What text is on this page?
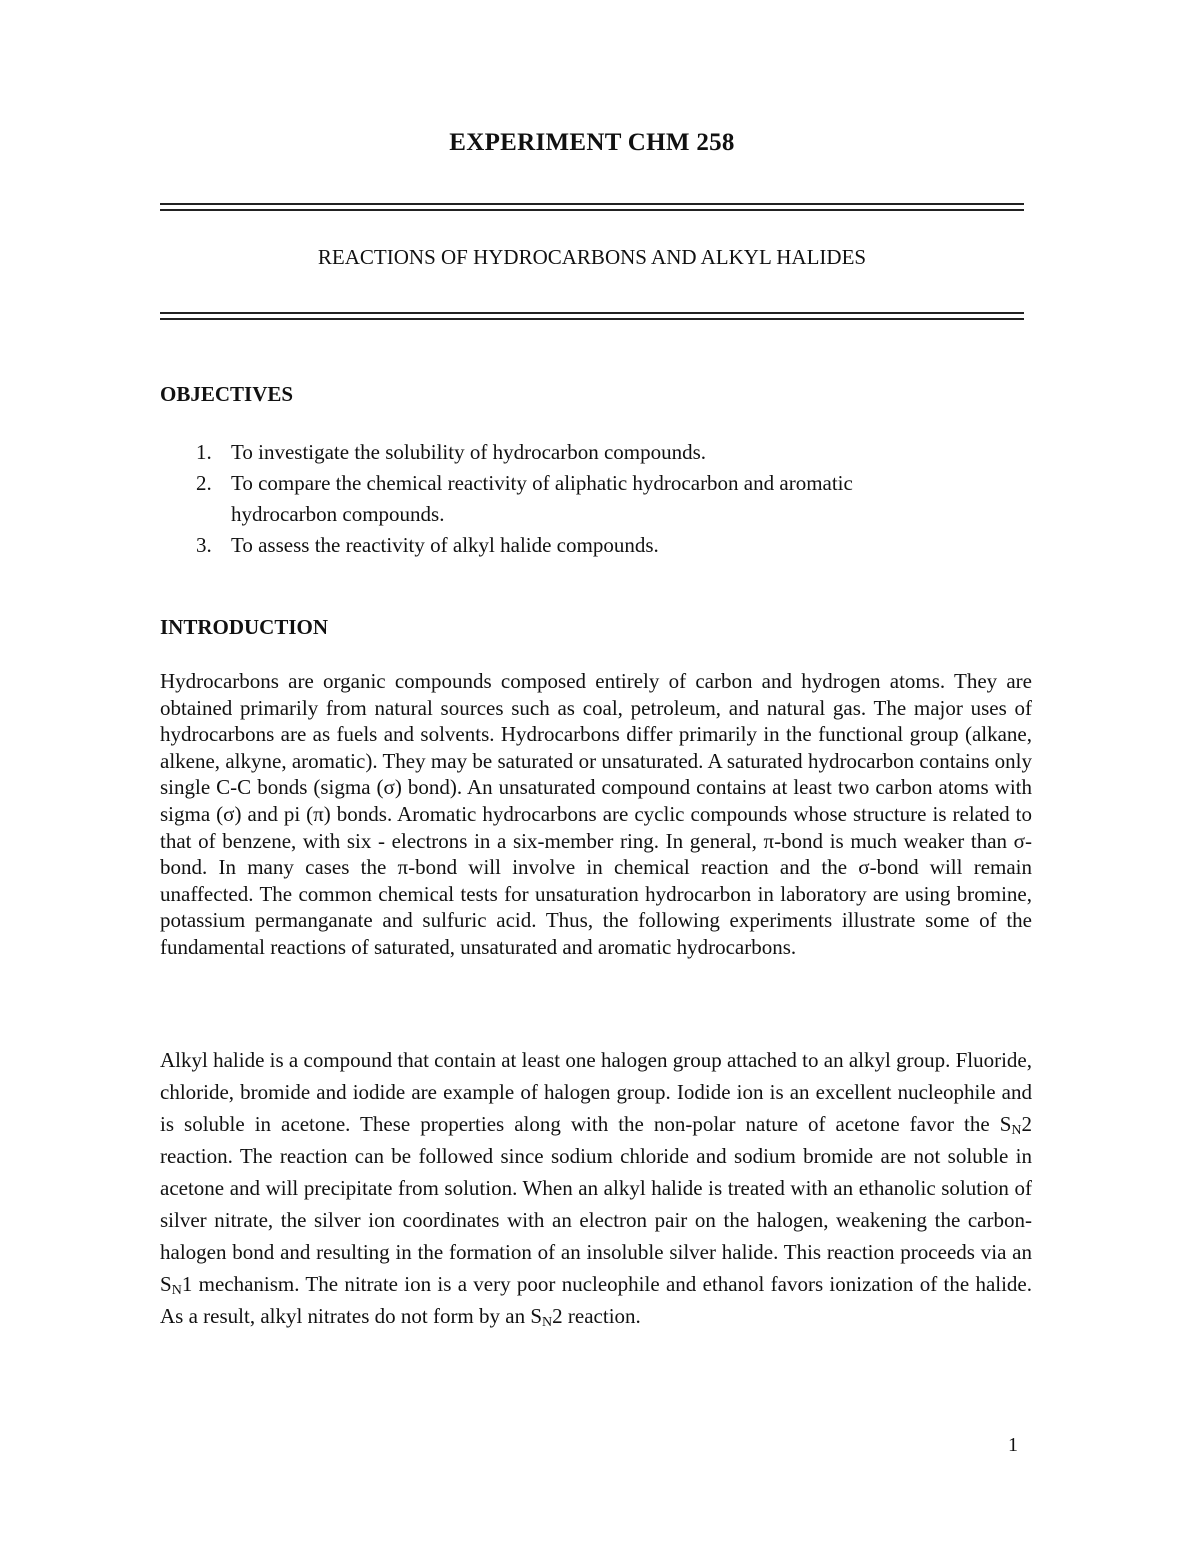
EXPERIMENT CHM 258

REACTIONS OF HYDROCARBONS AND ALKYL HALIDES

OBJECTIVES
1. To investigate the solubility of hydrocarbon compounds.
2. To compare the chemical reactivity of aliphatic hydrocarbon and aromatic hydrocarbon compounds.
3. To assess the reactivity of alkyl halide compounds.
INTRODUCTION

Hydrocarbons are organic compounds composed entirely of carbon and hydrogen atoms. They are obtained primarily from natural sources such as coal, petroleum, and natural gas. The major uses of hydrocarbons are as fuels and solvents. Hydrocarbons differ primarily in the functional group (alkane, alkene, alkyne, aromatic). They may be saturated or unsaturated. A saturated hydrocarbon contains only single C-C bonds (sigma (σ) bond). An unsaturated compound contains at least two carbon atoms with sigma (σ) and pi (π) bonds. Aromatic hydrocarbons are cyclic compounds whose structure is related to that of benzene, with six - electrons in a six-member ring. In general, π-bond is much weaker than σ-bond. In many cases the π-bond will involve in chemical reaction and the σ-bond will remain unaffected. The common chemical tests for unsaturation hydrocarbon in laboratory are using bromine, potassium permanganate and sulfuric acid. Thus, the following experiments illustrate some of the fundamental reactions of saturated, unsaturated and aromatic hydrocarbons.

Alkyl halide is a compound that contain at least one halogen group attached to an alkyl group. Fluoride, chloride, bromide and iodide are example of halogen group. Iodide ion is an excellent nucleophile and is soluble in acetone. These properties along with the non-polar nature of acetone favor the $S_N2$ reaction. The reaction can be followed since sodium chloride and sodium bromide are not soluble in acetone and will precipitate from solution. When an alkyl halide is treated with an ethanolic solution of silver nitrate, the silver ion coordinates with an electron pair on the halogen, weakening the carbon-halogen bond and resulting in the formation of an insoluble silver halide. This reaction proceeds via an $S_N1$ mechanism. The nitrate ion is a very poor nucleophile and ethanol favors ionization of the halide. As a result, alkyl nitrates do not form by an $S_N2$ reaction.

1
